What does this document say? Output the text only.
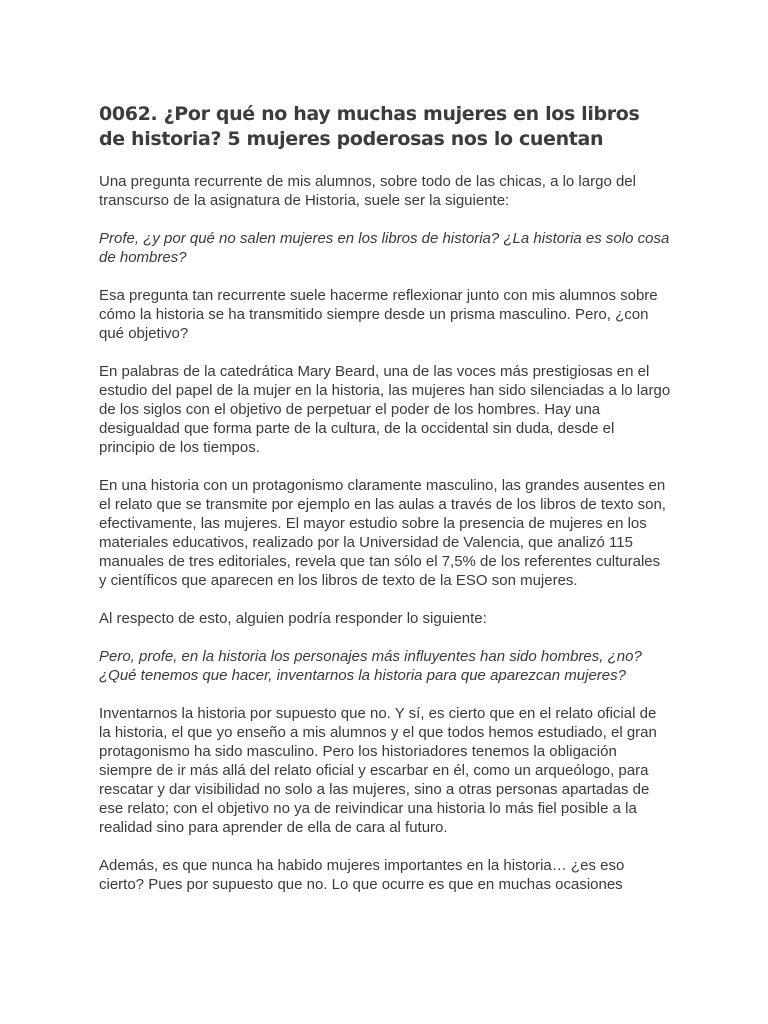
0062. ¿Por qué no hay muchas mujeres en los libros de historia? 5 mujeres poderosas nos lo cuentan

Una pregunta recurrente de mis alumnos, sobre todo de las chicas, a lo largo del transcurso de la asignatura de Historia, suele ser la siguiente:

Profe, ¿y por qué no salen mujeres en los libros de historia? ¿La historia es solo cosa de hombres?

Esa pregunta tan recurrente suele hacerme reflexionar junto con mis alumnos sobre cómo la historia se ha transmitido siempre desde un prisma masculino. Pero, ¿con qué objetivo?

En palabras de la catedrática Mary Beard, una de las voces más prestigiosas en el estudio del papel de la mujer en la historia, las mujeres han sido silenciadas a lo largo de los siglos con el objetivo de perpetuar el poder de los hombres. Hay una desigualdad que forma parte de la cultura, de la occidental sin duda, desde el principio de los tiempos.

En una historia con un protagonismo claramente masculino, las grandes ausentes en el relato que se transmite por ejemplo en las aulas a través de los libros de texto son, efectivamente, las mujeres. El mayor estudio sobre la presencia de mujeres en los materiales educativos, realizado por la Universidad de Valencia, que analizó 115 manuales de tres editoriales, revela que tan sólo el 7,5% de los referentes culturales y científicos que aparecen en los libros de texto de la ESO son mujeres.

Al respecto de esto, alguien podría responder lo siguiente:

Pero, profe, en la historia los personajes más influyentes han sido hombres, ¿no? ¿Qué tenemos que hacer, inventarnos la historia para que aparezcan mujeres?

Inventarnos la historia por supuesto que no. Y sí, es cierto que en el relato oficial de la historia, el que yo enseño a mis alumnos y el que todos hemos estudiado, el gran protagonismo ha sido masculino. Pero los historiadores tenemos la obligación siempre de ir más allá del relato oficial y escarbar en él, como un arqueólogo, para rescatar y dar visibilidad no solo a las mujeres, sino a otras personas apartadas de ese relato; con el objetivo no ya de reivindicar una historia lo más fiel posible a la realidad sino para aprender de ella de cara al futuro.

Además, es que nunca ha habido mujeres importantes en la historia… ¿es eso cierto? Pues por supuesto que no. Lo que ocurre es que en muchas ocasiones
